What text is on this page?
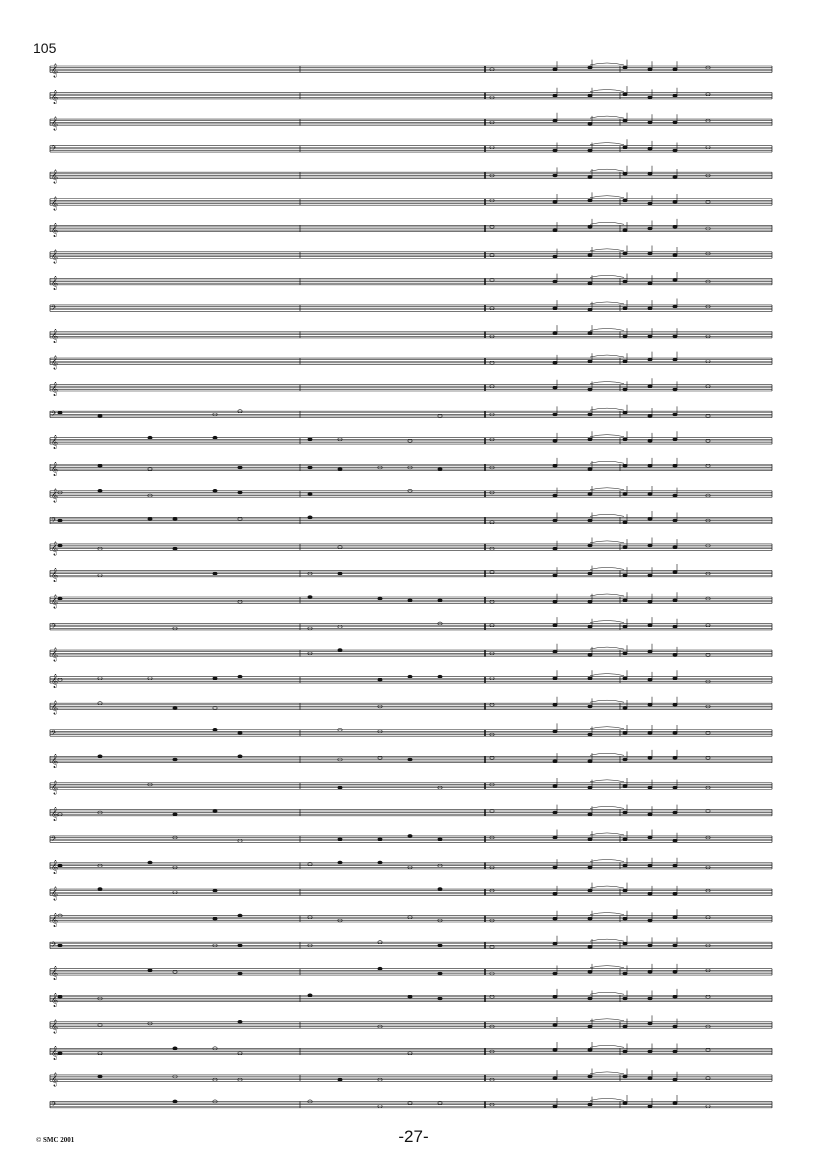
105
𝄞
𝄞
𝄞
𝄢
𝄞
𝄞
𝄞
𝄞
𝄞
𝄢
𝄞
𝄞
𝄞
𝄢
𝄞
𝄞
𝄞
𝄢
𝄞
𝄞
𝄞
𝄢
𝄞
𝄞
𝄞
𝄢
𝄞
𝄞
𝄞
𝄢
𝄞
𝄞
𝄞
𝄢
𝄞
𝄞
𝄞
𝄞
𝄞
𝄢
-27-
© SMC 2001
